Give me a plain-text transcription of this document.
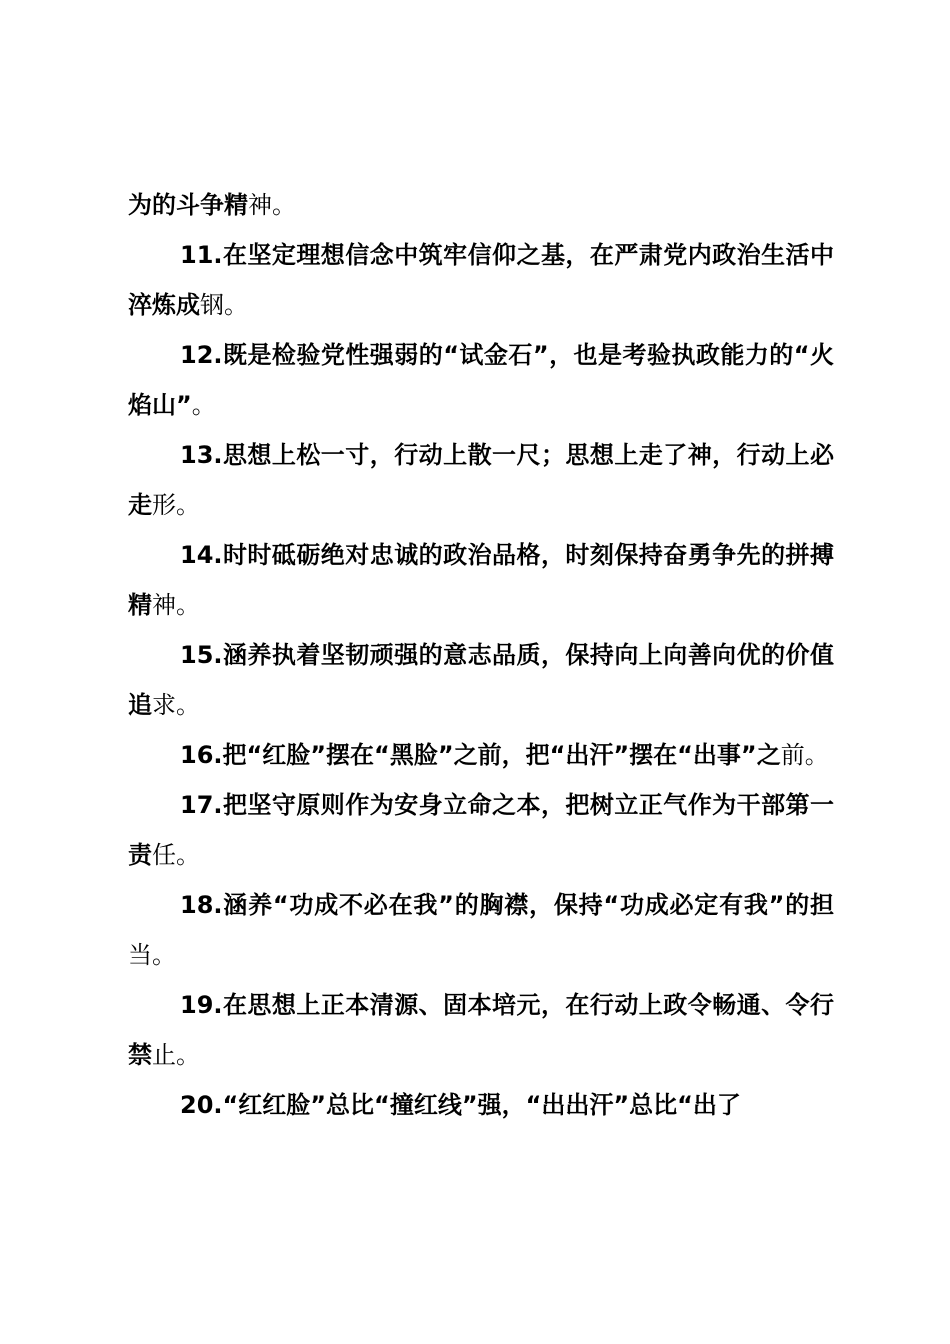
为的斗争精神。

11.在坚定理想信念中筑牢信仰之基，在严肃党内政治生活中淬炼成钢。

12.既是检验党性强弱的“试金石”，也是考验执政能力的“火焰山”。

13.思想上松一寸，行动上散一尺；思想上走了神，行动上必走形。

14.时时砥砺绝对忠诚的政治品格，时刻保持奋勇争先的拼搏精神。

15.涵养执着坚韧顽强的意志品质，保持向上向善向优的价值追求。

16.把“红脸”摆在“黑脸”之前，把“出汗”摆在“出事”之前。

17.把坚守原则作为安身立命之本，把树立正气作为干部第一责任。

18.涵养“功成不必在我”的胸襟，保持“功成必定有我”的担当。

19.在思想上正本清源、固本培元，在行动上政令畅通、令行禁止。

20.“红红脸”总比“撞红线”强，“出出汗”总比“出了
